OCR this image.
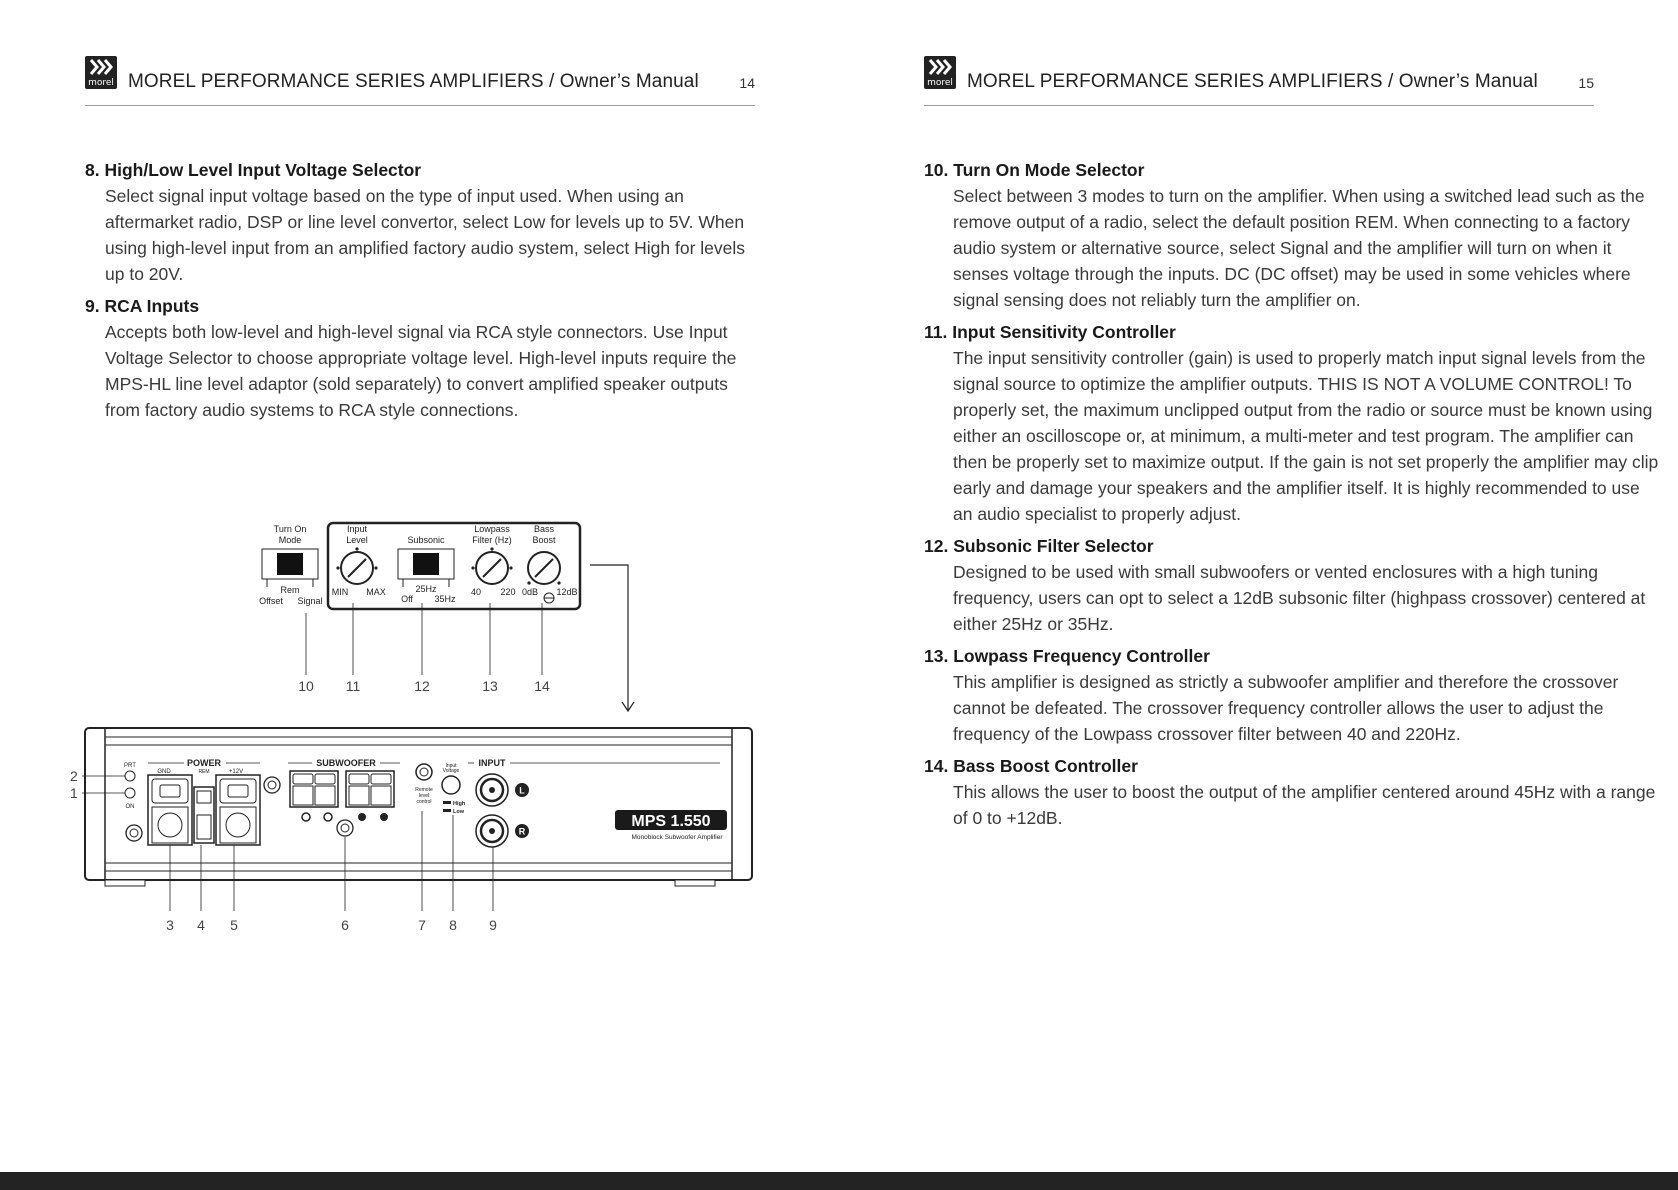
morel MOREL PERFORMANCE SERIES AMPLIFIERS / Owner’s Manual	14
8. High/Low Level Input Voltage Selector
Select signal input voltage based on the type of input used. When using an aftermarket radio, DSP or line level convertor, select Low for levels up to 5V. When using high-level input from an amplified factory audio system, select High for levels up to 20V.
9. RCA Inputs
Accepts both low-level and high-level signal via RCA style connectors. Use Input Voltage Selector to choose appropriate voltage level. High-level inputs require the MPS-HL line level adaptor (sold separately) to convert amplified speaker outputs from factory audio systems to RCA style connections.
Turn On Mode
Rem
Offset Signal
Input Level
MIN MAX
Subsonic
25Hz
Off 35Hz
Lowpass Filter (Hz)
40 220
Bass Boost
0dB 12dB
10 11	12	13	14
PRT
ON
2
1
POWER
GND	REM	+12V
SUBWOOFER
Remote level control
Input Voltage
High
Low
INPUT
L
R
MPS 1.550
Monoblock Subwoofer Amplifier
3 4 5	6	7 8 9
morel MOREL PERFORMANCE SERIES AMPLIFIERS / Owner’s Manual	15
10. Turn On Mode Selector
Select between 3 modes to turn on the amplifier. When using a switched lead such as the remove output of a radio, select the default position REM. When connecting to a factory audio system or alternative source, select Signal and the amplifier will turn on when it senses voltage through the inputs. DC (DC offset) may be used in some vehicles where signal sensing does not reliably turn the amplifier on.
11. Input Sensitivity Controller
The input sensitivity controller (gain) is used to properly match input signal levels from the signal source to optimize the amplifier outputs. THIS IS NOT A VOLUME CONTROL! To properly set, the maximum unclipped output from the radio or source must be known using either an oscilloscope or, at minimum, a multi-meter and test program. The amplifier can then be properly set to maximize output. If the gain is not set properly the amplifier may clip early and damage your speakers and the amplifier itself. It is highly recommended to use an audio specialist to properly adjust.
12. Subsonic Filter Selector
Designed to be used with small subwoofers or vented enclosures with a high tuning frequency, users can opt to select a 12dB subsonic filter (highpass crossover) centered at either 25Hz or 35Hz.
13. Lowpass Frequency Controller
This amplifier is designed as strictly a subwoofer amplifier and therefore the crossover cannot be defeated. The crossover frequency controller allows the user to adjust the frequency of the Lowpass crossover filter between 40 and 220Hz.
14. Bass Boost Controller
This allows the user to boost the output of the amplifier centered around 45Hz with a range of 0 to +12dB.
